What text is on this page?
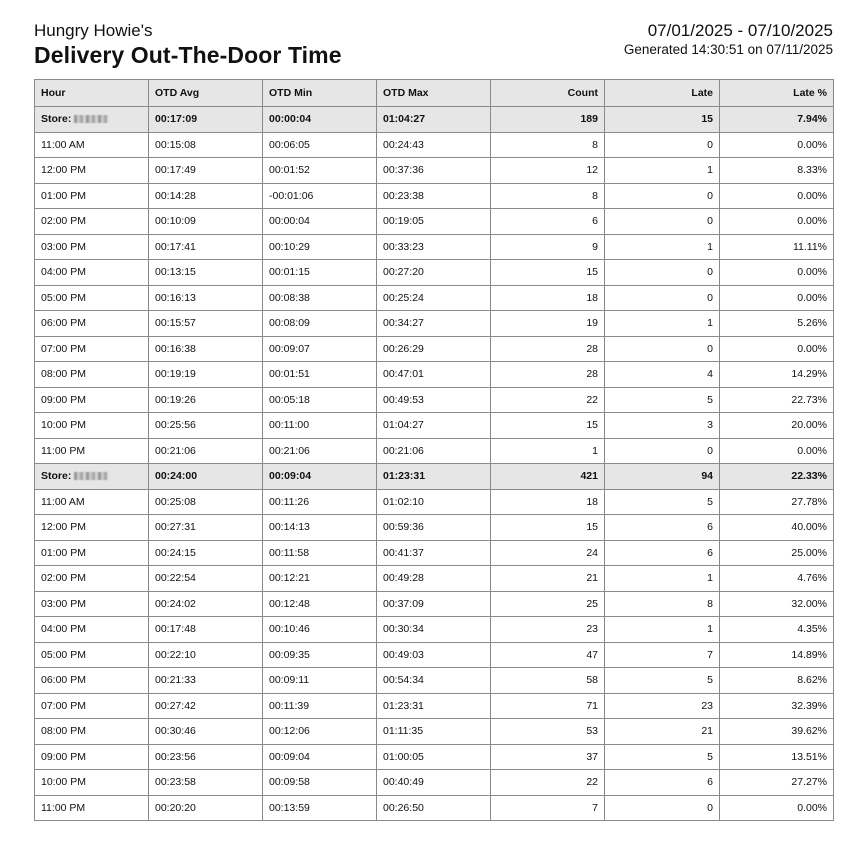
Hungry Howie's
Delivery Out-The-Door Time
07/01/2025 - 07/10/2025
Generated 14:30:51 on 07/11/2025
Hour	OTD Avg	OTD Min	OTD Max	Count	Late	Late %
Store:	00:17:09	00:00:04	01:04:27	189	15	7.94%
11:00 AM	00:15:08	00:06:05	00:24:43	8	0	0.00%
12:00 PM	00:17:49	00:01:52	00:37:36	12	1	8.33%
01:00 PM	00:14:28	-00:01:06	00:23:38	8	0	0.00%
02:00 PM	00:10:09	00:00:04	00:19:05	6	0	0.00%
03:00 PM	00:17:41	00:10:29	00:33:23	9	1	11.11%
04:00 PM	00:13:15	00:01:15	00:27:20	15	0	0.00%
05:00 PM	00:16:13	00:08:38	00:25:24	18	0	0.00%
06:00 PM	00:15:57	00:08:09	00:34:27	19	1	5.26%
07:00 PM	00:16:38	00:09:07	00:26:29	28	0	0.00%
08:00 PM	00:19:19	00:01:51	00:47:01	28	4	14.29%
09:00 PM	00:19:26	00:05:18	00:49:53	22	5	22.73%
10:00 PM	00:25:56	00:11:00	01:04:27	15	3	20.00%
11:00 PM	00:21:06	00:21:06	00:21:06	1	0	0.00%
Store:	00:24:00	00:09:04	01:23:31	421	94	22.33%
11:00 AM	00:25:08	00:11:26	01:02:10	18	5	27.78%
12:00 PM	00:27:31	00:14:13	00:59:36	15	6	40.00%
01:00 PM	00:24:15	00:11:58	00:41:37	24	6	25.00%
02:00 PM	00:22:54	00:12:21	00:49:28	21	1	4.76%
03:00 PM	00:24:02	00:12:48	00:37:09	25	8	32.00%
04:00 PM	00:17:48	00:10:46	00:30:34	23	1	4.35%
05:00 PM	00:22:10	00:09:35	00:49:03	47	7	14.89%
06:00 PM	00:21:33	00:09:11	00:54:34	58	5	8.62%
07:00 PM	00:27:42	00:11:39	01:23:31	71	23	32.39%
08:00 PM	00:30:46	00:12:06	01:11:35	53	21	39.62%
09:00 PM	00:23:56	00:09:04	01:00:05	37	5	13.51%
10:00 PM	00:23:58	00:09:58	00:40:49	22	6	27.27%
11:00 PM	00:20:20	00:13:59	00:26:50	7	0	0.00%
